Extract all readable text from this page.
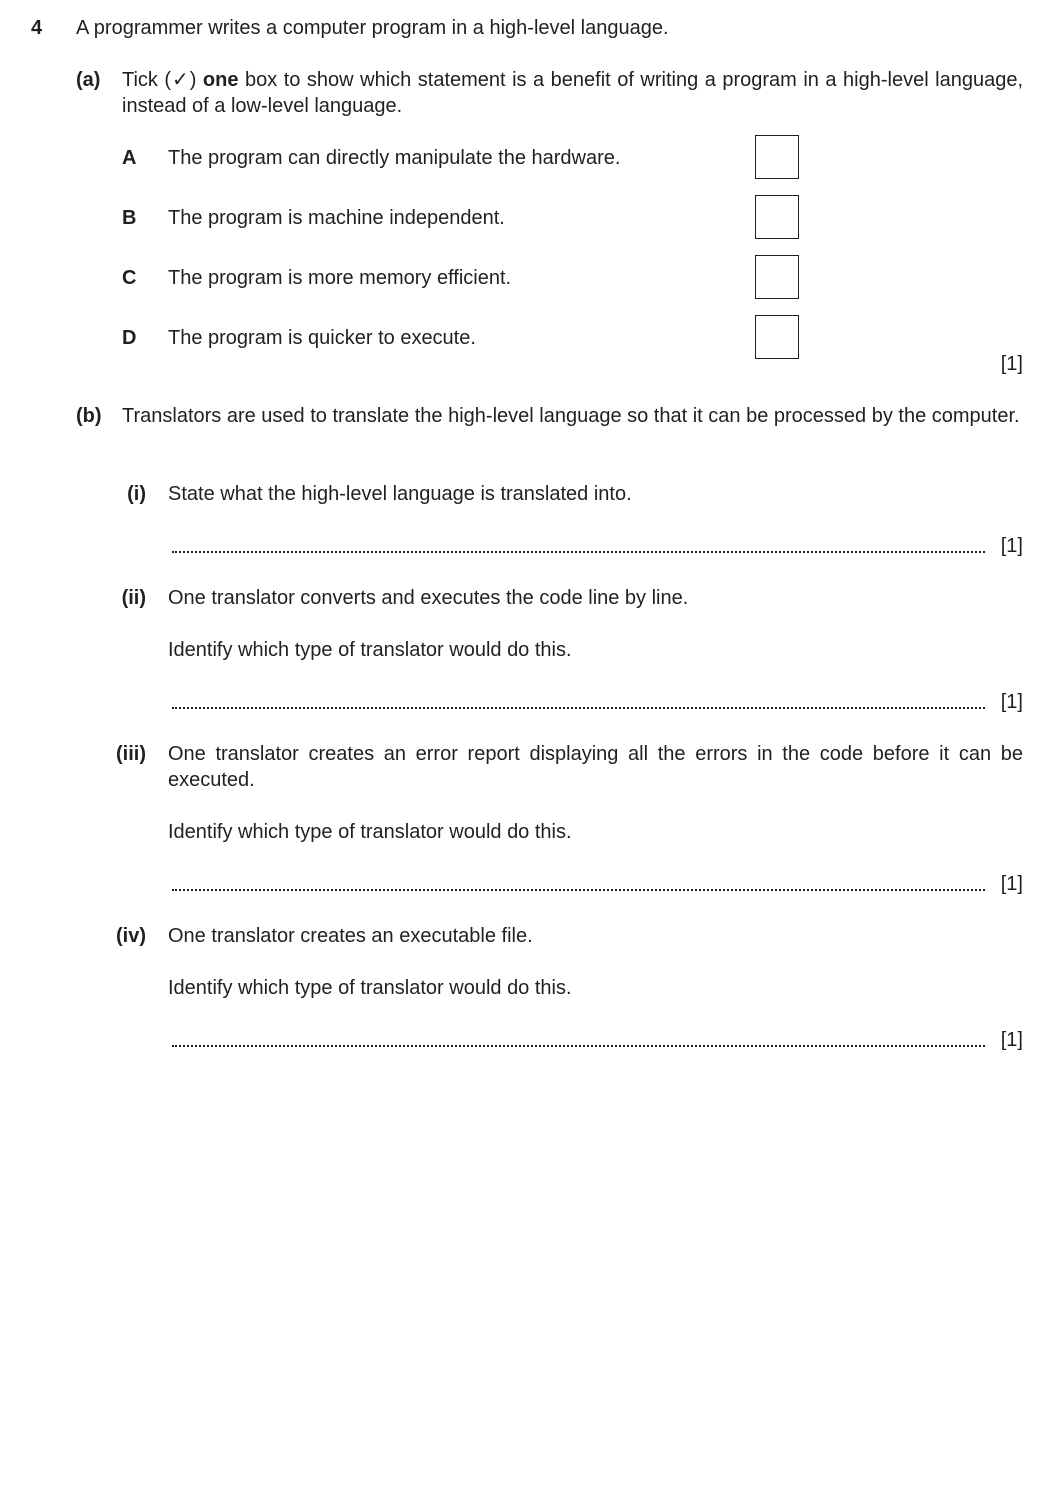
4 A programmer writes a computer program in a high-level language.
(a) Tick (✓) one box to show which statement is a benefit of writing a program in a high-level language, instead of a low-level language.
A The program can directly manipulate the hardware.
B The program is machine independent.
C The program is more memory efficient.
D The program is quicker to execute.
[1]
(b) Translators are used to translate the high-level language so that it can be processed by the computer.
(i) State what the high-level language is translated into.
[1]
(ii) One translator converts and executes the code line by line.
Identify which type of translator would do this.
[1]
(iii) One translator creates an error report displaying all the errors in the code before it can be executed.
Identify which type of translator would do this.
[1]
(iv) One translator creates an executable file.
Identify which type of translator would do this.
[1]
